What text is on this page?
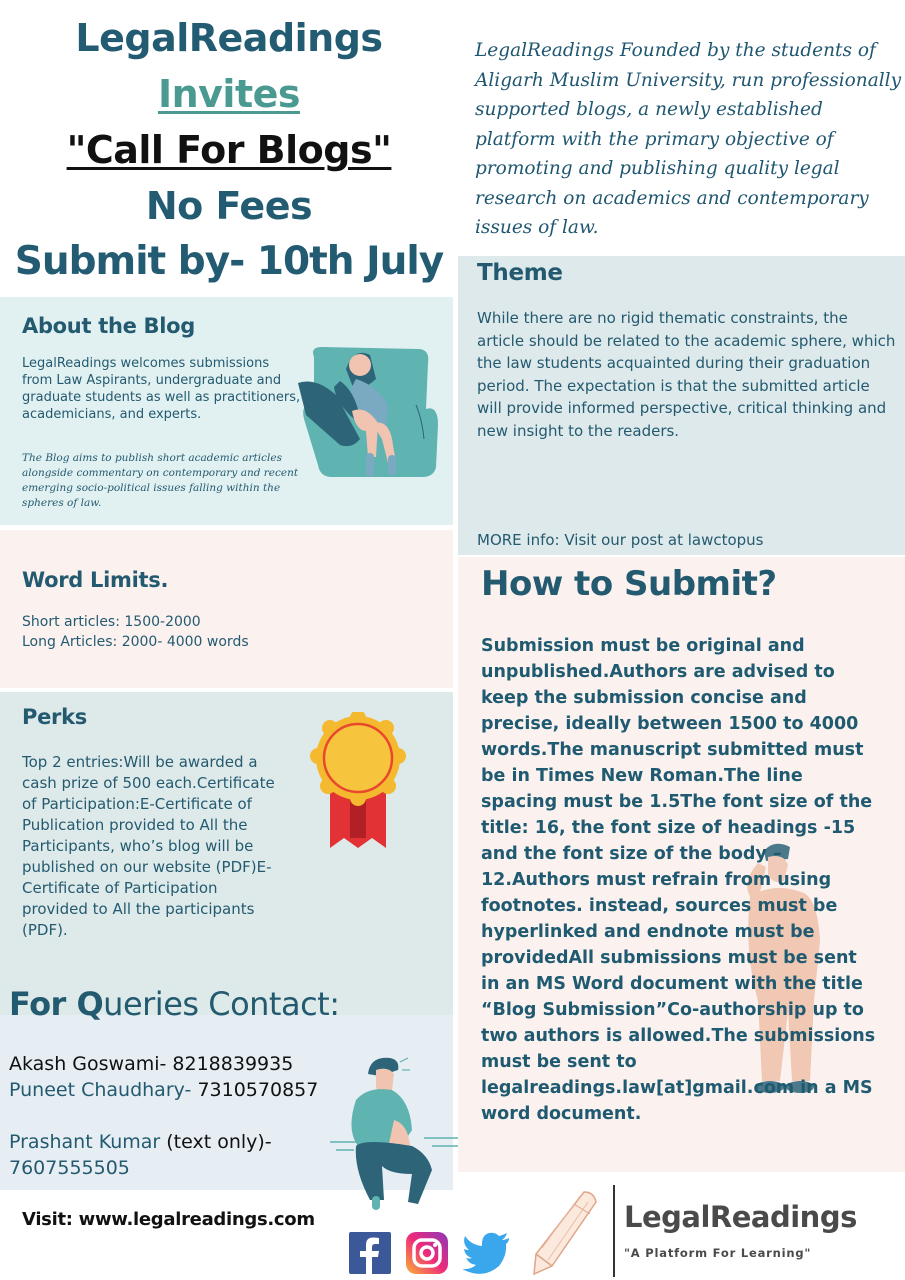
LegalReadings
Invites
"Call For Blogs"
No Fees
Submit by- 10th July

LegalReadings Founded by the students of Aligarh Muslim University, run professionally supported blogs, a newly established platform with the primary objective of promoting and publishing quality legal research on academics and contemporary issues of law.

About the Blog

LegalReadings welcomes submissions from Law Aspirants, undergraduate and graduate students as well as practitioners, academicians, and experts.

The Blog aims to publish short academic articles alongside commentary on contemporary and recent emerging socio-political issues falling within the spheres of law.

Word Limits.
Short articles: 1500-2000
Long Articles: 2000- 4000 words
Perks

Top 2 entries:Will be awarded a cash prize of 500 each.Certificate of Participation:E-Certificate of Publication provided to All the Participants, who’s blog will be published on our website (PDF)E-Certificate of Participation provided to All the participants (PDF).

For Queries Contact:
Akash Goswami- 8218839935
Puneet Chaudhary- 7310570857
Prashant Kumar (text only)-
7607555505
Theme

While there are no rigid thematic constraints, the article should be related to the academic sphere, which the law students acquainted during their graduation period. The expectation is that the submitted article will provide informed perspective, critical thinking and new insight to the readers.

MORE info: Visit our post at lawctopus

How to Submit?

Submission must be original and unpublished.Authors are advised to keep the submission concise and precise, ideally between 1500 to 4000 words.The manuscript submitted must be in Times New Roman.The line spacing must be 1.5The font size of the title: 16, the font size of headings -15 and the font size of the body – 12.Authors must refrain from using footnotes. instead, sources must be hyperlinked and endnote must be providedAll submissions must be sent in an MS Word document with the title “Blog Submission”Co-authorship up to two authors is allowed.The submissions must be sent to legalreadings.law[at]gmail.com in a MS word document.

Visit: www.legalreadings.com	LegalReadings
"A Platform For Learning"
